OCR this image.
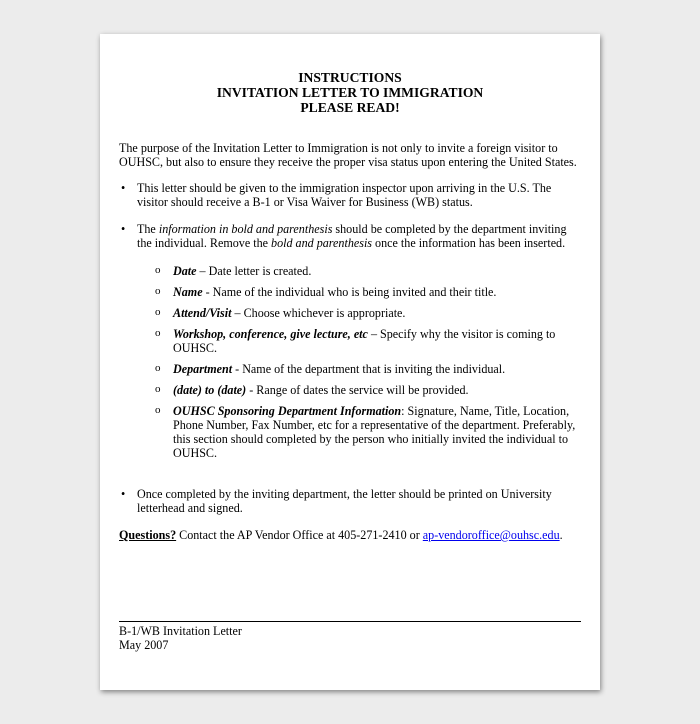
INSTRUCTIONS
INVITATION LETTER TO IMMIGRATION
PLEASE READ!

The purpose of the Invitation Letter to Immigration is not only to invite a foreign visitor to OUHSC, but also to ensure they receive the proper visa status upon entering the United States.

• This letter should be given to the immigration inspector upon arriving in the U.S. The visitor should receive a B-1 or Visa Waiver for Business (WB) status.
• The information in bold and parenthesis should be completed by the department inviting the individual. Remove the bold and parenthesis once the information has been inserted.
o Date – Date letter is created.
o Name - Name of the individual who is being invited and their title.
o Attend/Visit – Choose whichever is appropriate.
o Workshop, conference, give lecture, etc – Specify why the visitor is coming to OUHSC.
o Department - Name of the department that is inviting the individual.
o (date) to (date) - Range of dates the service will be provided.
o OUHSC Sponsoring Department Information: Signature, Name, Title, Location, Phone Number, Fax Number, etc for a representative of the department. Preferably, this section should completed by the person who initially invited the individual to OUHSC.
• Once completed by the inviting department, the letter should be printed on University letterhead and signed.

Questions? Contact the AP Vendor Office at 405-271-2410 or ap-vendoroffice@ouhsc.edu.

B-1/WB Invitation Letter
May 2007
